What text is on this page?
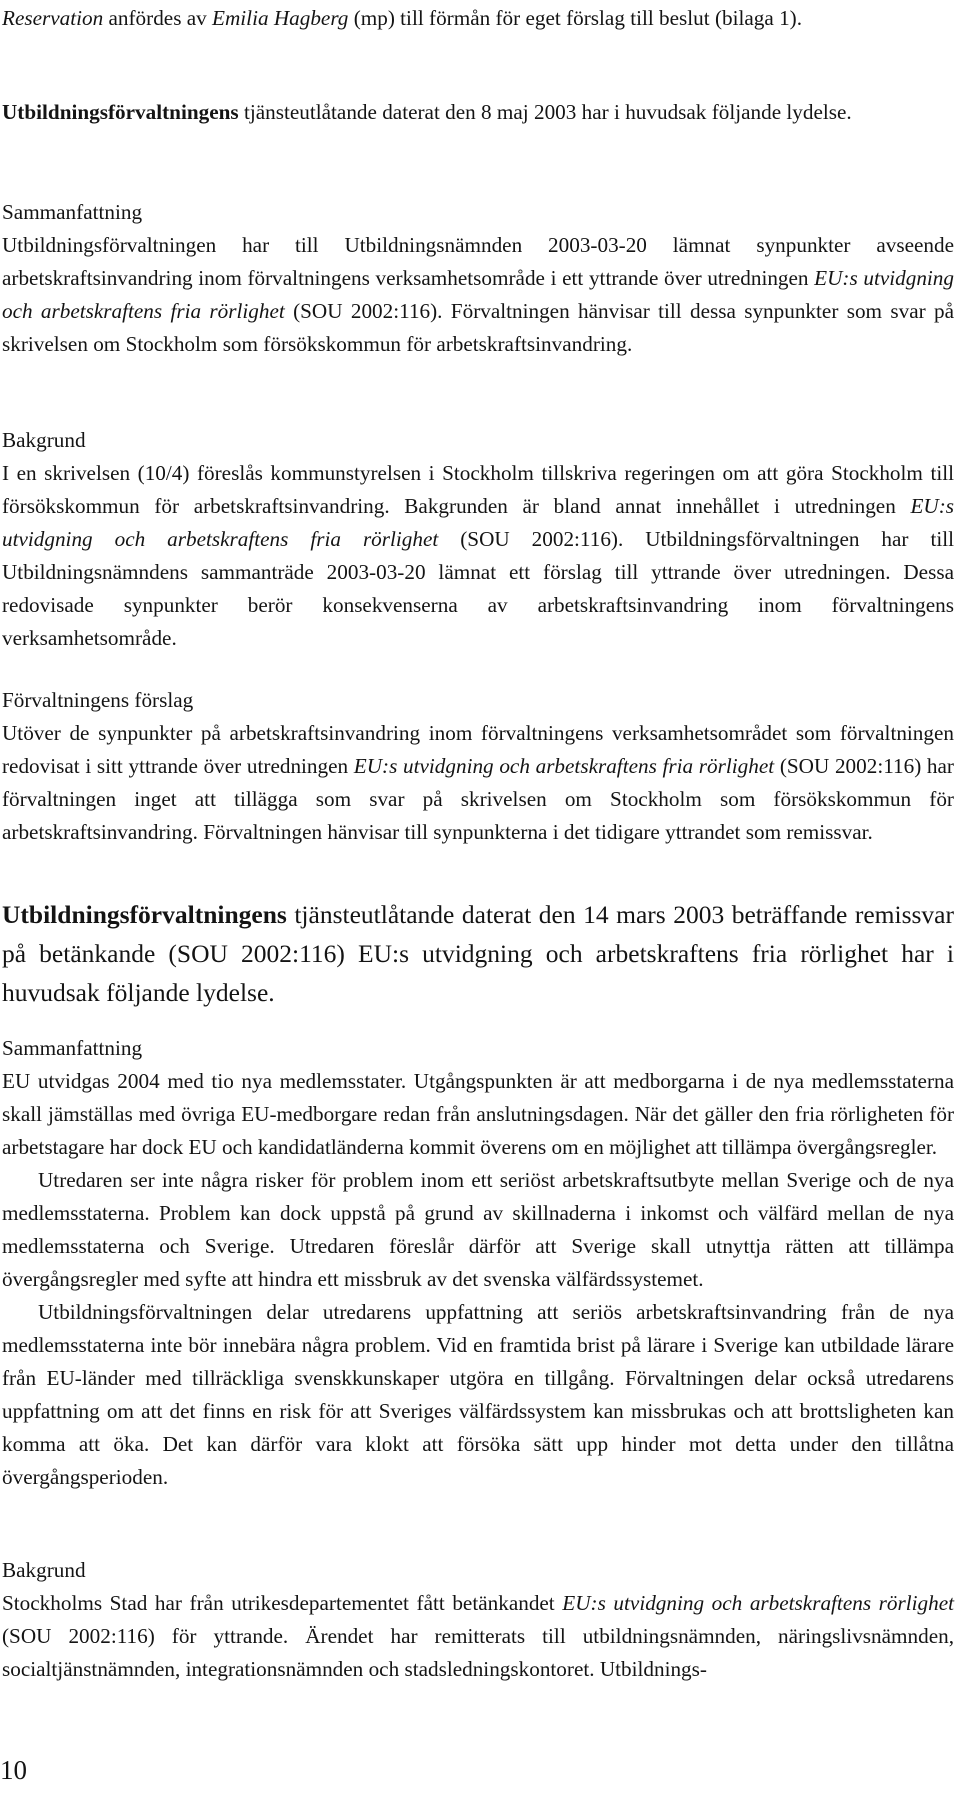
Reservation anfördes av Emilia Hagberg (mp) till förmån för eget förslag till beslut (bilaga 1).
Utbildningsförvaltningens tjänsteutlåtande daterat den 8 maj 2003 har i huvudsak följande lydelse.

Sammanfattning

Utbildningsförvaltningen har till Utbildningsnämnden 2003-03-20 lämnat synpunkter avseende arbetskraftsinvandring inom förvaltningens verksamhetsområde i ett yttrande över utredningen EU:s utvidgning och arbetskraftens fria rörlighet (SOU 2002:116). Förvaltningen hänvisar till dessa synpunkter som svar på skrivelsen om Stockholm som försökskommun för arbetskraftsinvandring.

Bakgrund

I en skrivelsen (10/4) föreslås kommunstyrelsen i Stockholm tillskriva regeringen om att göra Stockholm till försökskommun för arbetskraftsinvandring. Bakgrunden är bland annat innehållet i utredningen EU:s utvidgning och arbetskraftens fria rörlighet (SOU 2002:116). Utbildningsförvaltningen har till Utbildningsnämndens sammanträde 2003-03-20 lämnat ett förslag till yttrande över utredningen. Dessa redovisade synpunkter berör konsekvenserna av arbetskraftsinvandring inom förvaltningens verksamhetsområde.

Förvaltningens förslag

Utöver de synpunkter på arbetskraftsinvandring inom förvaltningens verksamhetsområdet som förvaltningen redovisat i sitt yttrande över utredningen EU:s utvidgning och arbetskraftens fria rörlighet (SOU 2002:116) har förvaltningen inget att tillägga som svar på skrivelsen om Stockholm som försökskommun för arbetskraftsinvandring. Förvaltningen hänvisar till synpunkterna i det tidigare yttrandet som remissvar.

Utbildningsförvaltningens tjänsteutlåtande daterat den 14 mars 2003 beträffande remissvar på betänkande (SOU 2002:116) EU:s utvidgning och arbetskraftens fria rörlighet har i huvudsak följande lydelse.

Sammanfattning

EU utvidgas 2004 med tio nya medlemsstater. Utgångspunkten är att medborgarna i de nya medlemsstaterna skall jämställas med övriga EU-medborgare redan från anslutningsdagen. När det gäller den fria rörligheten för arbetstagare har dock EU och kandidatländerna kommit överens om en möjlighet att tillämpa övergångsregler.

Utredaren ser inte några risker för problem inom ett seriöst arbetskraftsutbyte mellan Sverige och de nya medlemsstaterna. Problem kan dock uppstå på grund av skillnaderna i inkomst och välfärd mellan de nya medlemsstaterna och Sverige. Utredaren föreslår därför att Sverige skall utnyttja rätten att tillämpa övergångsregler med syfte att hindra ett missbruk av det svenska välfärdssystemet.

Utbildningsförvaltningen delar utredarens uppfattning att seriös arbetskraftsinvandring från de nya medlemsstaterna inte bör innebära några problem. Vid en framtida brist på lärare i Sverige kan utbildade lärare från EU-länder med tillräckliga svenskkunskaper utgöra en tillgång. Förvaltningen delar också utredarens uppfattning om att det finns en risk för att Sveriges välfärdssystem kan missbrukas och att brottsligheten kan komma att öka. Det kan därför vara klokt att försöka sätt upp hinder mot detta under den tillåtna övergångsperioden.

Bakgrund

Stockholms Stad har från utrikesdepartementet fått betänkandet EU:s utvidgning och arbetskraftens rörlighet (SOU 2002:116) för yttrande. Ärendet har remitterats till utbildningsnämnden, näringslivsnämnden, socialtjänstnämnden, integrationsnämnden och stadsledningskontoret. Utbildnings-

10
